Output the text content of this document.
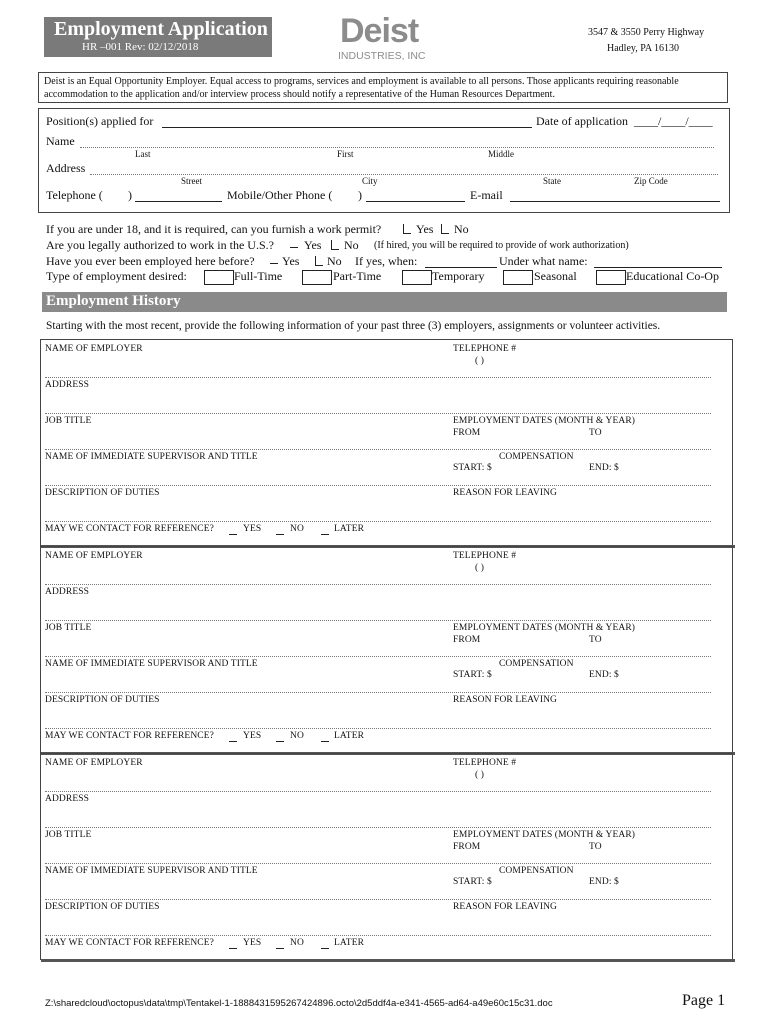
Employment Application
HR –001 Rev: 02/12/2018	Deist
INDUSTRIES, INC
3547 & 3550 Perry Highway
Hadley, PA 16130
Deist is an Equal Opportunity Employer. Equal access to programs, services and employment is available to all persons. Those applicants requiring reasonable accommodation to the application and/or interview process should notify a representative of the Human Resources Department.
Position(s) applied for	Date of application ____/____/____
Name
Last	First	Middle
Address
Street	City	State	Zip Code
Telephone ( )	Mobile/Other Phone ( )	E-mail
If you are under 18, and it is required, can you furnish a work permit?	Yes No
Are you legally authorized to work in the U.S.?	Yes No (If hired, you will be required to provide of work authorization)
Have you ever been employed here before? Yes No If yes, when:	Under what name:
Type of employment desired:	Full-Time	Part-Time	Temporary	Seasonal	Educational Co-Op
Employment History
Starting with the most recent, provide the following information of your past three (3) employers, assignments or volunteer activities.
NAME OF EMPLOYER	TELEPHONE #
( )
ADDRESS
JOB TITLE	EMPLOYMENT DATES (MONTH & YEAR)
FROM	TO
NAME OF IMMEDIATE SUPERVISOR AND TITLE	COMPENSATION
START: $	END: $
DESCRIPTION OF DUTIES	REASON FOR LEAVING
MAY WE CONTACT FOR REFERENCE?	YES	NO	LATER
NAME OF EMPLOYER	TELEPHONE #
( )
ADDRESS
JOB TITLE	EMPLOYMENT DATES (MONTH & YEAR)
FROM	TO
NAME OF IMMEDIATE SUPERVISOR AND TITLE	COMPENSATION
START: $	END: $
DESCRIPTION OF DUTIES	REASON FOR LEAVING
MAY WE CONTACT FOR REFERENCE?	YES	NO	LATER
NAME OF EMPLOYER	TELEPHONE #
( )
ADDRESS
JOB TITLE	EMPLOYMENT DATES (MONTH & YEAR)
FROM	TO
NAME OF IMMEDIATE SUPERVISOR AND TITLE	COMPENSATION
START: $	END: $
DESCRIPTION OF DUTIES	REASON FOR LEAVING
MAY WE CONTACT FOR REFERENCE?	YES	NO	LATER
Z:\sharedcloud\octopus\data\tmp\Tentakel-1-1888431595267424896.octo\2d5ddf4a-e341-4565-ad64-a49e60c15c31.doc	Page 1
